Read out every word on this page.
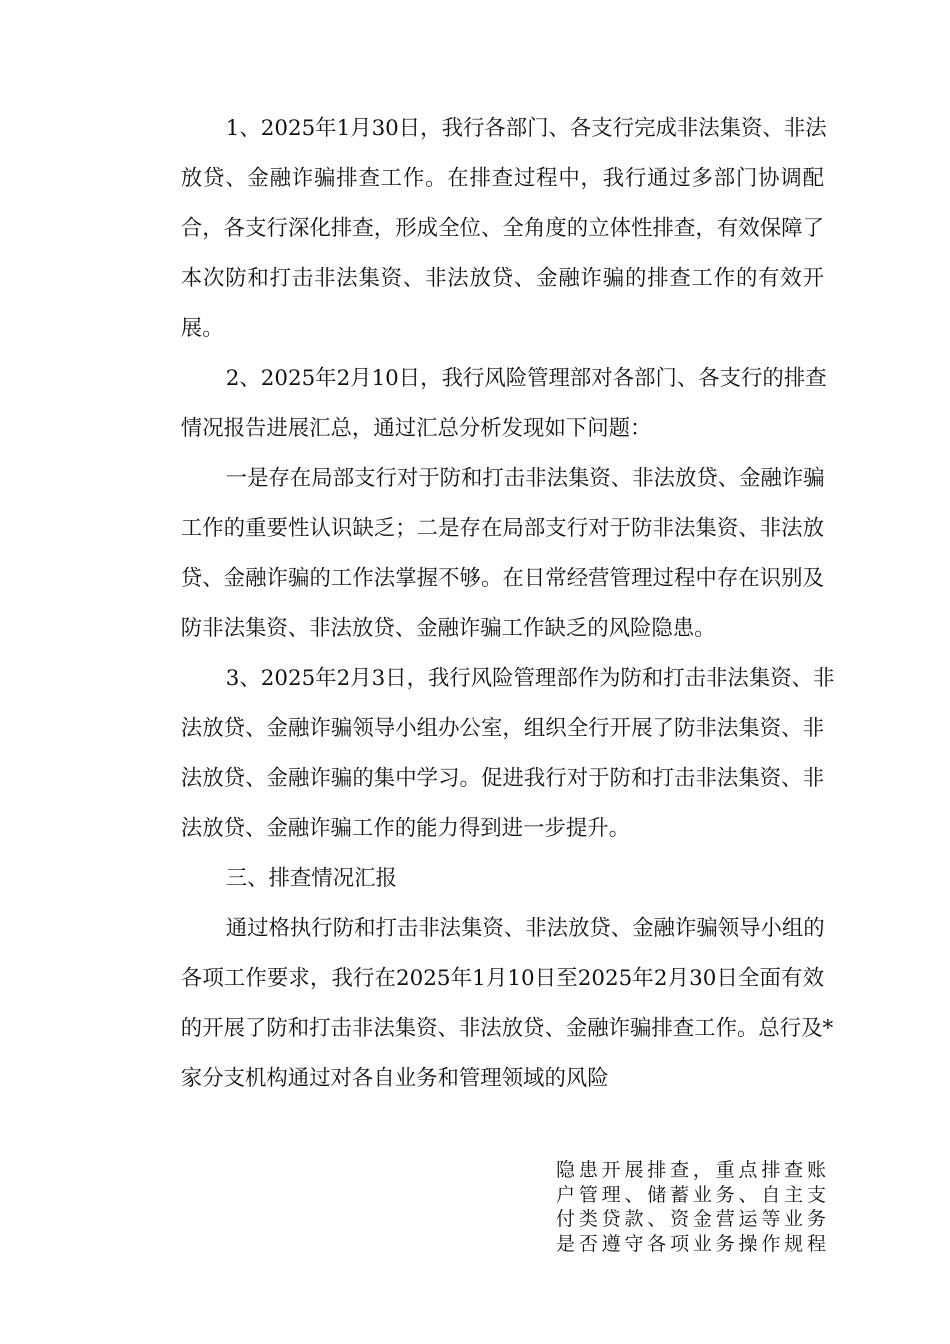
1、2025年1月30日，我行各部门、各支行完成非法集资、非法
放贷、金融诈骗排查工作。在排查过程中，我行通过多部门协调配
合，各支行深化排查，形成全位、全角度的立体性排查，有效保障了
本次防和打击非法集资、非法放贷、金融诈骗的排查工作的有效开
展。
2、2025年2月10日，我行风险管理部对各部门、各支行的排查
情况报告进展汇总，通过汇总分析发现如下问题：
一是存在局部支行对于防和打击非法集资、非法放贷、金融诈骗
工作的重要性认识缺乏；二是存在局部支行对于防非法集资、非法放
贷、金融诈骗的工作法掌握不够。在日常经营管理过程中存在识别及
防非法集资、非法放贷、金融诈骗工作缺乏的风险隐患。
3、2025年2月3日，我行风险管理部作为防和打击非法集资、非
法放贷、金融诈骗领导小组办公室，组织全行开展了防非法集资、非
法放贷、金融诈骗的集中学习。促进我行对于防和打击非法集资、非
法放贷、金融诈骗工作的能力得到进一步提升。
三、排查情况汇报
通过格执行防和打击非法集资、非法放贷、金融诈骗领导小组的
各项工作要求，我行在2025年1月10日至2025年2月30日全面有效
的开展了防和打击非法集资、非法放贷、金融诈骗排查工作。总行及*
家分支机构通过对各自业务和管理领域的风险
隐患开展排查，重点排查账
户管理、储蓄业务、自主支
付类贷款、资金营运等业务
是否遵守各项业务操作规程
